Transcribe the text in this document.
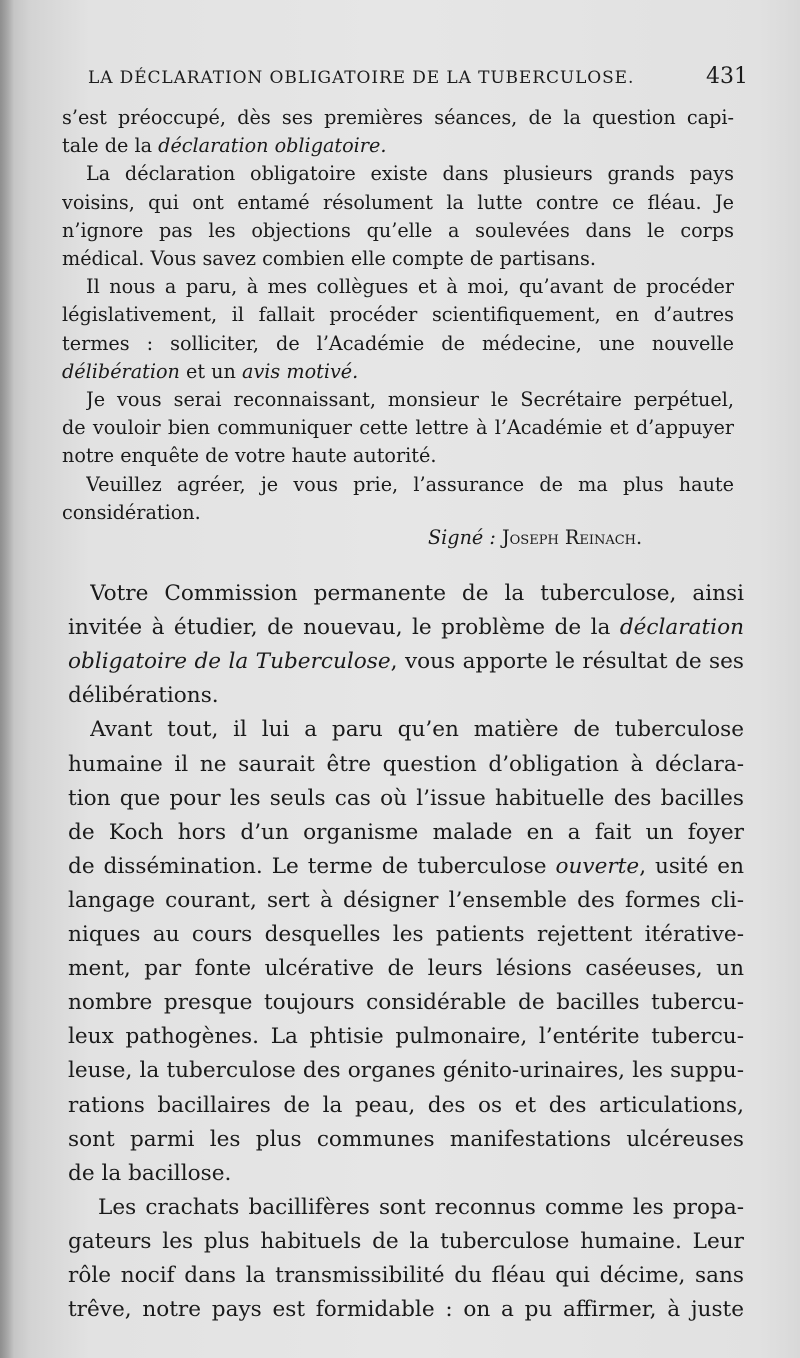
LA DÉCLARATION OBLIGATOIRE DE LA TUBERCULOSE.	431
s’est préoccupé, dès ses premières séances, de la question capi-
tale de la déclaration obligatoire.
La déclaration obligatoire existe dans plusieurs grands pays
voisins, qui ont entamé résolument la lutte contre ce fléau. Je
n’ignore pas les objections qu’elle a soulevées dans le corps
médical. Vous savez combien elle compte de partisans.
Il nous a paru, à mes collègues et à moi, qu’avant de procéder
législativement, il fallait procéder scientifiquement, en d’autres
termes : solliciter, de l’Académie de médecine, une nouvelle
délibération et un avis motivé.
Je vous serai reconnaissant, monsieur le Secrétaire perpétuel,
de vouloir bien communiquer cette lettre à l’Académie et d’appuyer
notre enquête de votre haute autorité.
Veuillez agréer, je vous prie, l’assurance de ma plus haute
considération.
Signé : Joseph Reinach.
Votre Commission permanente de la tuberculose, ainsi
invitée à étudier, de nouevau, le problème de la déclaration
obligatoire de la Tuberculose, vous apporte le résultat de ses
délibérations.
Avant tout, il lui a paru qu’en matière de tuberculose
humaine il ne saurait être question d’obligation à déclara-
tion que pour les seuls cas où l’issue habituelle des bacilles
de Koch hors d’un organisme malade en a fait un foyer
de dissémination. Le terme de tuberculose ouverte, usité en
langage courant, sert à désigner l’ensemble des formes cli-
niques au cours desquelles les patients rejettent itérative-
ment, par fonte ulcérative de leurs lésions caséeuses, un
nombre presque toujours considérable de bacilles tubercu-
leux pathogènes. La phtisie pulmonaire, l’entérite tubercu-
leuse, la tuberculose des organes génito-urinaires, les suppu-
rations bacillaires de la peau, des os et des articulations,
sont parmi les plus communes manifestations ulcéreuses
de la bacillose.
Les crachats bacillifères sont reconnus comme les propa-
gateurs les plus habituels de la tuberculose humaine. Leur
rôle nocif dans la transmissibilité du fléau qui décime, sans
trêve, notre pays est formidable : on a pu affirmer, à juste
